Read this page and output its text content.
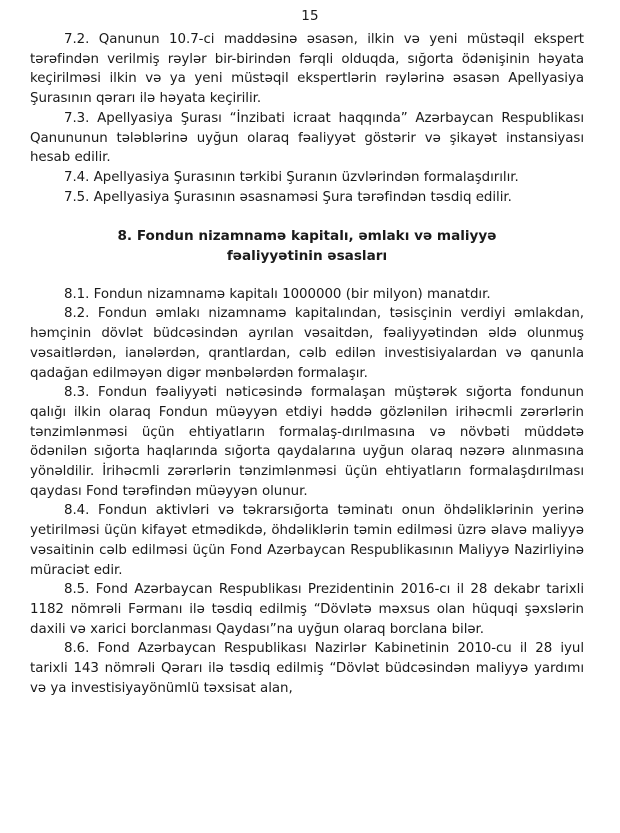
15

7.2. Qanunun 10.7-ci maddəsinə əsasən, ilkin və yeni müstəqil ekspert tərəfindən verilmiş rəylər bir-birindən fərqli olduqda, sığorta ödənişinin həyata keçirilməsi ilkin və ya yeni müstəqil ekspertlərin rəylərinə əsasən Apellyasiya Şurasının qərarı ilə həyata keçirilir.

7.3. Apellyasiya Şurası “İnzibati icraat haqqında” Azərbaycan Respublikası Qanununun tələblərinə uyğun olaraq fəaliyyət göstərir və şikayət instansiyası hesab edilir.

7.4. Apellyasiya Şurasının tərkibi Şuranın üzvlərindən formalaşdırılır.

7.5. Apellyasiya Şurasının əsasnaməsi Şura tərəfindən təsdiq edilir.

8. Fondun nizamnamə kapitalı, əmlakı və maliyyə
fəaliyyətinin əsasları

8.1. Fondun nizamnamə kapitalı 1000000 (bir milyon) manatdır.

8.2. Fondun əmlakı nizamnamə kapitalından, təsisçinin verdiyi əmlakdan, həmçinin dövlət büdcəsindən ayrılan vəsaitdən, fəaliyyətindən əldə olunmuş vəsaitlərdən, ianələrdən, qrantlardan, cəlb edilən investisiyalardan və qanunla qadağan edilməyən digər mənbələrdən formalaşır.

8.3. Fondun fəaliyyəti nəticəsində formalaşan müştərək sığorta fondunun qalığı ilkin olaraq Fondun müəyyən etdiyi həddə gözlənilən irihəcmli zərərlərin tənzimlənməsi üçün ehtiyatların formalaş-dırılmasına və növbəti müddətə ödənilən sığorta haqlarında sığorta qaydalarına uyğun olaraq nəzərə alınmasına yönəldilir. İrihəcmli zərərlərin tənzimlənməsi üçün ehtiyatların formalaşdırılması qaydası Fond tərəfindən müəyyən olunur.

8.4. Fondun aktivləri və təkrarsığorta təminatı onun öhdəliklərinin yerinə yetirilməsi üçün kifayət etmədikdə, öhdəliklərin təmin edilməsi üzrə əlavə maliyyə vəsaitinin cəlb edilməsi üçün Fond Azərbaycan Respublikasının Maliyyə Nazirliyinə müraciət edir.

8.5. Fond Azərbaycan Respublikası Prezidentinin 2016-cı il 28 dekabr tarixli 1182 nömrəli Fərmanı ilə təsdiq edilmiş “Dövlətə məxsus olan hüquqi şəxslərin daxili və xarici borclanması Qaydası”na uyğun olaraq borclana bilər.

8.6. Fond Azərbaycan Respublikası Nazirlər Kabinetinin 2010-cu il 28 iyul tarixli 143 nömrəli Qərarı ilə təsdiq edilmiş “Dövlət büdcəsindən maliyyə yardımı və ya investisiyayönümlü təxsisat alan,
